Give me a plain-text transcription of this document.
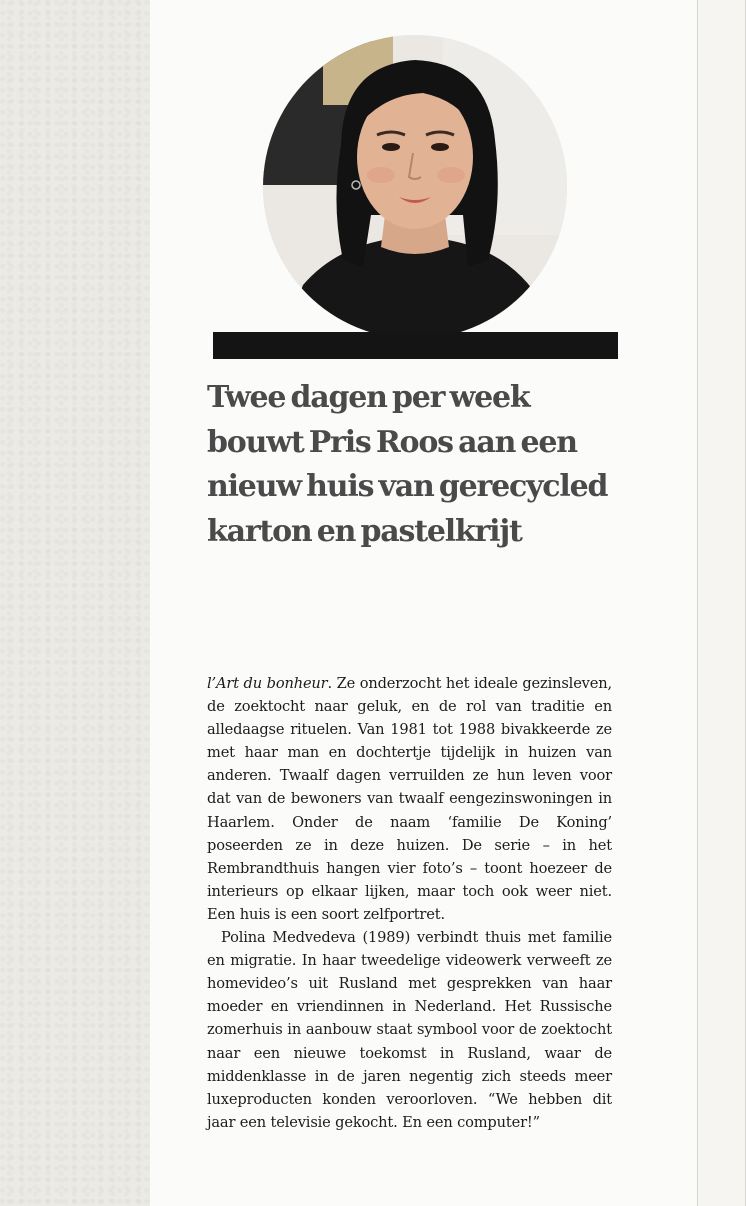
Twee dagen per week
bouwt Pris Roos aan een
nieuw huis van gerecycled
karton en pastelkrijt

l’Art du bonheur. Ze onderzocht het ideale gezinsleven, de zoektocht naar geluk, en de rol van traditie en alledaagse rituelen. Van 1981 tot 1988 bivakkeerde ze met haar man en dochtertje tijdelijk in huizen van anderen. Twaalf dagen verruilden ze hun leven voor dat van de bewoners van twaalf eengezinswoningen in Haarlem. Onder de naam ‘familie De Koning’ poseerden ze in deze huizen. De serie – in het Rembrandthuis hangen vier foto’s – toont hoezeer de interieurs op elkaar lijken, maar toch ook weer niet. Een huis is een soort zelfportret.

Polina Medvedeva (1989) verbindt thuis met familie en migratie. In haar tweedelige videowerk verweeft ze homevideo’s uit Rusland met gesprekken van haar moeder en vriendinnen in Nederland. Het Russische zomerhuis in aanbouw staat symbool voor de zoektocht naar een nieuwe toekomst in Rusland, waar de middenklasse in de jaren negentig zich steeds meer luxeproducten konden veroorloven. “We hebben dit jaar een televisie gekocht. En een computer!”
